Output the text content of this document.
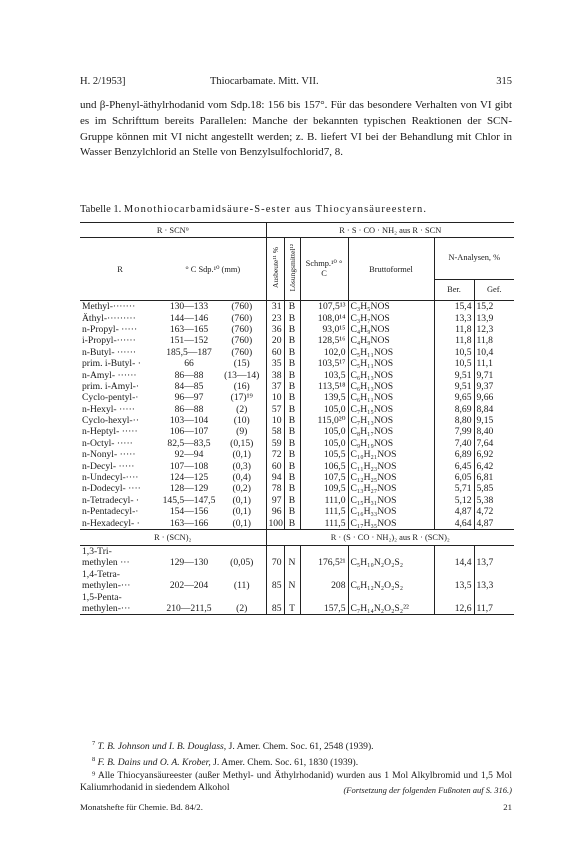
H. 2/1953]	Thiocarbamate. Mitt. VII.	315

und β-Phenyl-äthylrhodanid vom Sdp.18: 156 bis 157°. Für das besondere Verhalten von VI gibt es im Schrifttum bereits Parallelen: Manche der bekannten typischen Reaktionen der SCN-Gruppe können mit VI nicht angestellt werden; z. B. liefert VI bei der Behandlung mit Chlor in Wasser Benzylchlorid an Stelle von Benzylsulfochlorid7, 8.

Tabelle 1. Monothiocarbamidsäure-S-ester aus Thiocyansäureestern.
R · SCN⁹			R · S · CO · NH₂ aus R · SCN					
R	° C Sdp.¹⁰ (mm)		Ausbeute¹¹ %	Lösungsmittel¹²	Schmp.¹⁰ ° C	Bruttoformel	N-Analysen, %	
							Ber.	Gef.
Methyl-·······	130—133	(760)	31	B	107,5¹³	C₃H₅NOS	15,4	15,2
Äthyl-·········	144—146	(760)	23	B	108,0¹⁴	C₃H₇NOS	13,3	13,9
n-Propyl- ·····	163—165	(760)	36	B	93,0¹⁵	C₄H₉NOS	11,8	12,3
i-Propyl-······	151—152	(760)	20	B	128,5¹⁶	C₄H₉NOS	11,8	11,8
n-Butyl- ······	185,5—187	(760)	60	B	102,0	C₅H₁₁NOS	10,5	10,4
prim. i-Butyl- ·	66	(15)	35	B	103,5¹⁷	C₅H₁₁NOS	10,5	11,1
n-Amyl- ······	86—88	(13—14)	38	B	103,5	C₆H₁₃NOS	9,51	9,71
prim. i-Amyl-·	84—85	(16)	37	B	113,5¹⁸	C₆H₁₃NOS	9,51	9,37
Cyclo-pentyl-·	96—97	(17)¹⁹	10	B	139,5	C₆H₁₁NOS	9,65	9,66
n-Hexyl- ·····	86—88	(2)	57	B	105,0	C₇H₁₅NOS	8,69	8,84
Cyclo-hexyl-··	103—104	(10)	10	B	115,0²⁰	C₇H₁₃NOS	8,80	9,15
n-Heptyl- ·····	106—107	(9)	58	B	105,0	C₈H₁₇NOS	7,99	8,40
n-Octyl- ·····	82,5—83,5	(0,15)	59	B	105,0	C₉H₁₉NOS	7,40	7,64
n-Nonyl- ·····	92—94	(0,1)	72	B	105,5	C₁₀H₂₁NOS	6,89	6,92
n-Decyl- ·····	107—108	(0,3)	60	B	106,5	C₁₁H₂₃NOS	6,45	6,42
n-Undecyl-····	124—125	(0,4)	94	B	107,5	C₁₂H₂₅NOS	6,05	6,81
n-Dodecyl- ····	128—129	(0,2)	78	B	109,5	C₁₃H₂₇NOS	5,71	5,85
n-Tetradecyl- ·	145,5—147,5	(0,1)	97	B	111,0	C₁₅H₃₁NOS	5,12	5,38
n-Pentadecyl-·	154—156	(0,1)	96	B	111,5	C₁₆H₃₃NOS	4,87	4,72
n-Hexadecyl- ·	163—166	(0,1)	100	B	111,5	C₁₇H₃₅NOS	4,64	4,87
R · (SCN)₂			R · (S · CO · NH₂)₂ aus R · (SCN)₂					
1,3-Tri-								
methylen ···	129—130	(0,05)	70	N	176,5²¹	C₅H₁₀N₂O₂S₂	14,4	13,7
1,4-Tetra-								
methylen-···	202—204	(11)	85	N	208	C₆H₁₂N₂O₂S₂	13,5	13,3
1,5-Penta-								
methylen-···	210—211,5	(2)	85	T	157,5	C₇H₁₄N₂O₂S₂²²	12,6	11,7

$^7$ T. B. Johnson und I. B. Douglass, J. Amer. Chem. Soc. 61, 2548 (1939).

$^8$ F. B. Dains und O. A. Krober, J. Amer. Chem. Soc. 61, 1830 (1939).

⁹ Alle Thiocyansäureester (außer Methyl- und Äthylrhodanid) wurden aus 1 Mol Alkylbromid und 1,5 Mol Kaliumrhodanid in siedendem Alkohol	(Fortsetzung der folgenden Fußnoten auf S. 316.)
Monatshefte für Chemie. Bd. 84/2.	21
